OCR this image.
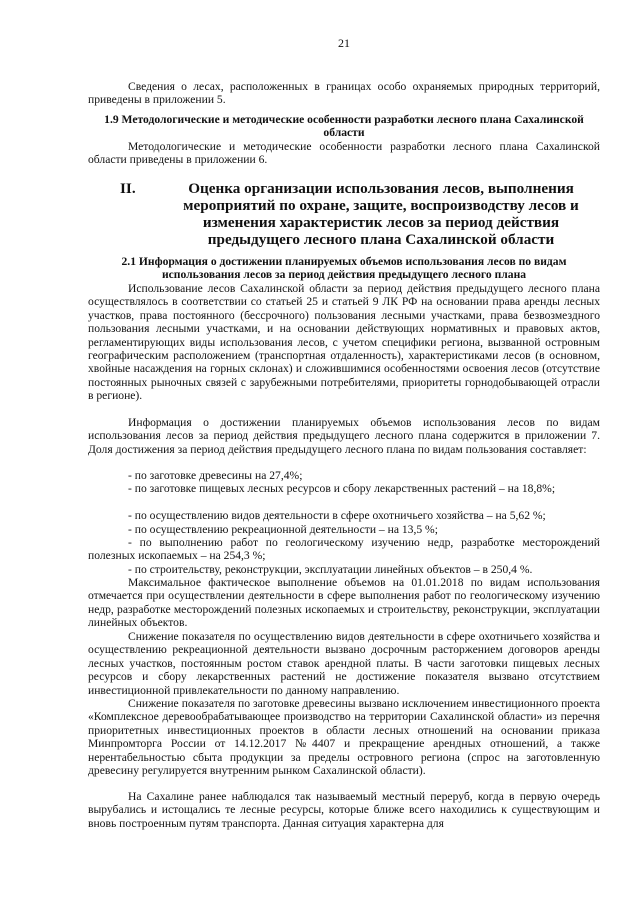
21

Сведения о лесах, расположенных в границах особо охраняемых природных территорий, приведены в приложении 5.

1.9 Методологические и методические особенности разработки лесного плана Сахалинской области

Методологические и методические особенности разработки лесного плана Сахалинской области приведены в приложении 6.

II.	Оценка организации использования лесов, выполнения мероприятий по охране, защите, воспроизводству лесов и изменения характеристик лесов за период действия предыдущего лесного плана Сахалинской области
2.1 Информация о достижении планируемых объемов использования лесов по видам использования лесов за период действия предыдущего лесного плана

Использование лесов Сахалинской области за период действия предыдущего лесного плана осуществлялось в соответствии со статьей 25 и статьей 9 ЛК РФ на основании права аренды лесных участков, права постоянного (бессрочного) пользования лесными участками, права безвозмездного пользования лесными участками, и на основании действующих нормативных и правовых актов, регламентирующих виды использования лесов, с учетом специфики региона, вызванной островным географическим расположением (транспортная отдаленность), характеристиками лесов (в основном, хвойные насаждения на горных склонах) и сложившимися особенностями освоения лесов (отсутствие постоянных рыночных связей с зарубежными потребителями, приоритеты горнодобывающей отрасли в регионе).

Информация о достижении планируемых объемов использования лесов по видам использования лесов за период действия предыдущего лесного плана содержится в приложении 7. Доля достижения за период действия предыдущего лесного плана по видам пользования составляет:

- по заготовке древесины на 27,4%;

- по заготовке пищевых лесных ресурсов и сбору лекарственных растений – на 18,8%;

- по осуществлению видов деятельности в сфере охотничьего хозяйства – на 5,62 %;

- по осуществлению рекреационной деятельности – на 13,5 %;

- по выполнению работ по геологическому изучению недр, разработке месторождений полезных ископаемых – на 254,3 %;

- по строительству, реконструкции, эксплуатации линейных объектов – в 250,4 %.

Максимальное фактическое выполнение объемов на 01.01.2018 по видам использования отмечается при осуществлении деятельности в сфере выполнения работ по геологическому изучению недр, разработке месторождений полезных ископаемых и строительству, реконструкции, эксплуатации линейных объектов.

Снижение показателя по осуществлению видов деятельности в сфере охотничьего хозяйства и осуществлению рекреационной деятельности вызвано досрочным расторжением договоров аренды лесных участков, постоянным ростом ставок арендной платы. В части заготовки пищевых лесных ресурсов и сбору лекарственных растений не достижение показателя вызвано отсутствием инвестиционной привлекательности по данному направлению.

Снижение показателя по заготовке древесины вызвано исключением инвестиционного проекта «Комплексное деревообрабатывающее производство на территории Сахалинской области» из перечня приоритетных инвестиционных проектов в области лесных отношений на основании приказа Минпромторга России от 14.12.2017 №4407 и прекращение арендных отношений, а также нерентабельностью сбыта продукции за пределы островного региона (спрос на заготовленную древесину регулируется внутренним рынком Сахалинской области).

На Сахалине ранее наблюдался так называемый местный переруб, когда в первую очередь вырубались и истощались те лесные ресурсы, которые ближе всего находились к существующим и вновь построенным путям транспорта. Данная ситуация характерна для
